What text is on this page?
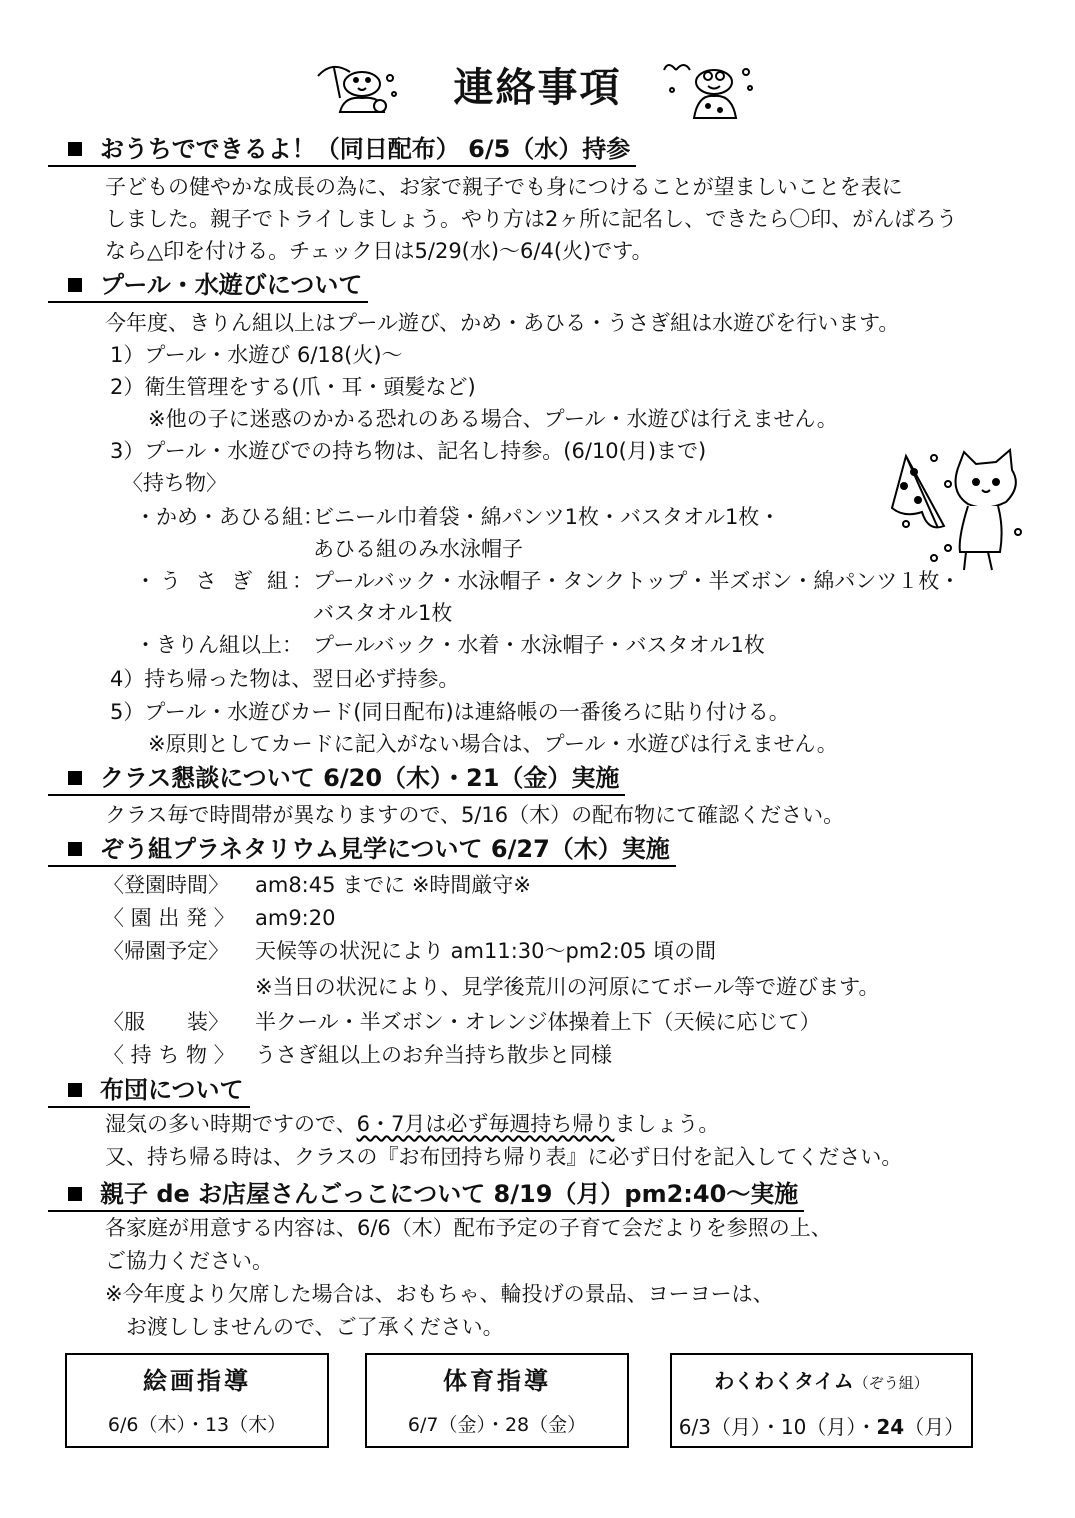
連絡事項
おうちでできるよ！（同日配布） 6/5（水）持参
子どもの健やかな成長の為に、お家で親子でも身につけることが望ましいことを表に
しました。親子でトライしましょう。やり方は2ヶ所に記名し、できたら〇印、がんばろう
なら△印を付ける。チェック日は5/29(水)～6/4(火)です。
プール・水遊びについて
今年度、きりん組以上はプール遊び、かめ・あひる・うさぎ組は水遊びを行います。
1）プール・水遊び 6/18(火)～
2）衛生管理をする(爪・耳・頭髪など)
※他の子に迷惑のかかる恐れのある場合、プール・水遊びは行えません。
3）プール・水遊びでの持ち物は、記名し持参。(6/10(月)まで)
〈持ち物〉
・かめ・あひる組：
ビニール巾着袋・綿パンツ1枚・バスタオル1枚・
あひる組のみ水泳帽子
・う さ ぎ 組：
プールバック・水泳帽子・タンクトップ・半ズボン・綿パンツ１枚・
バスタオル1枚
・きりん組以上： プールバック・水着・水泳帽子・バスタオル1枚
4）持ち帰った物は、翌日必ず持参。
5）プール・水遊びカード(同日配布)は連絡帳の一番後ろに貼り付ける。
※原則としてカードに記入がない場合は、プール・水遊びは行えません。
クラス懇談について 6/20（木）・21（金）実施
クラス毎で時間帯が異なりますので、5/16（木）の配布物にて確認ください。
ぞう組プラネタリウム見学について 6/27（木）実施
〈登園時間〉	am8:45 までに ※時間厳守※
〈 園 出 発 〉 am9:20
〈帰園予定〉	天候等の状況により am11:30～pm2:05 頃の間
※当日の状況により、見学後荒川の河原にてボール等で遊びます。
〈服　　装〉	半クール・半ズボン・オレンジ体操着上下（天候に応じて）
〈 持 ち 物 〉 うさぎ組以上のお弁当持ち散歩と同様
布団について
湿気の多い時期ですので、6・7月は必ず毎週持ち帰りましょう。
又、持ち帰る時は、クラスの『お布団持ち帰り表』に必ず日付を記入してください。
親子 de お店屋さんごっこについて 8/19（月）pm2:40～実施
各家庭が用意する内容は、6/6（木）配布予定の子育て会だよりを参照の上、
ご協力ください。
※今年度より欠席した場合は、おもちゃ、輪投げの景品、ヨーヨーは、
　お渡ししませんので、ご了承ください。
絵画指導
6/6（木）・13（木）
体育指導
6/7（金）・28（金）
わくわくタイム（ぞう組）
6/3（月）・10（月）・24（月）
